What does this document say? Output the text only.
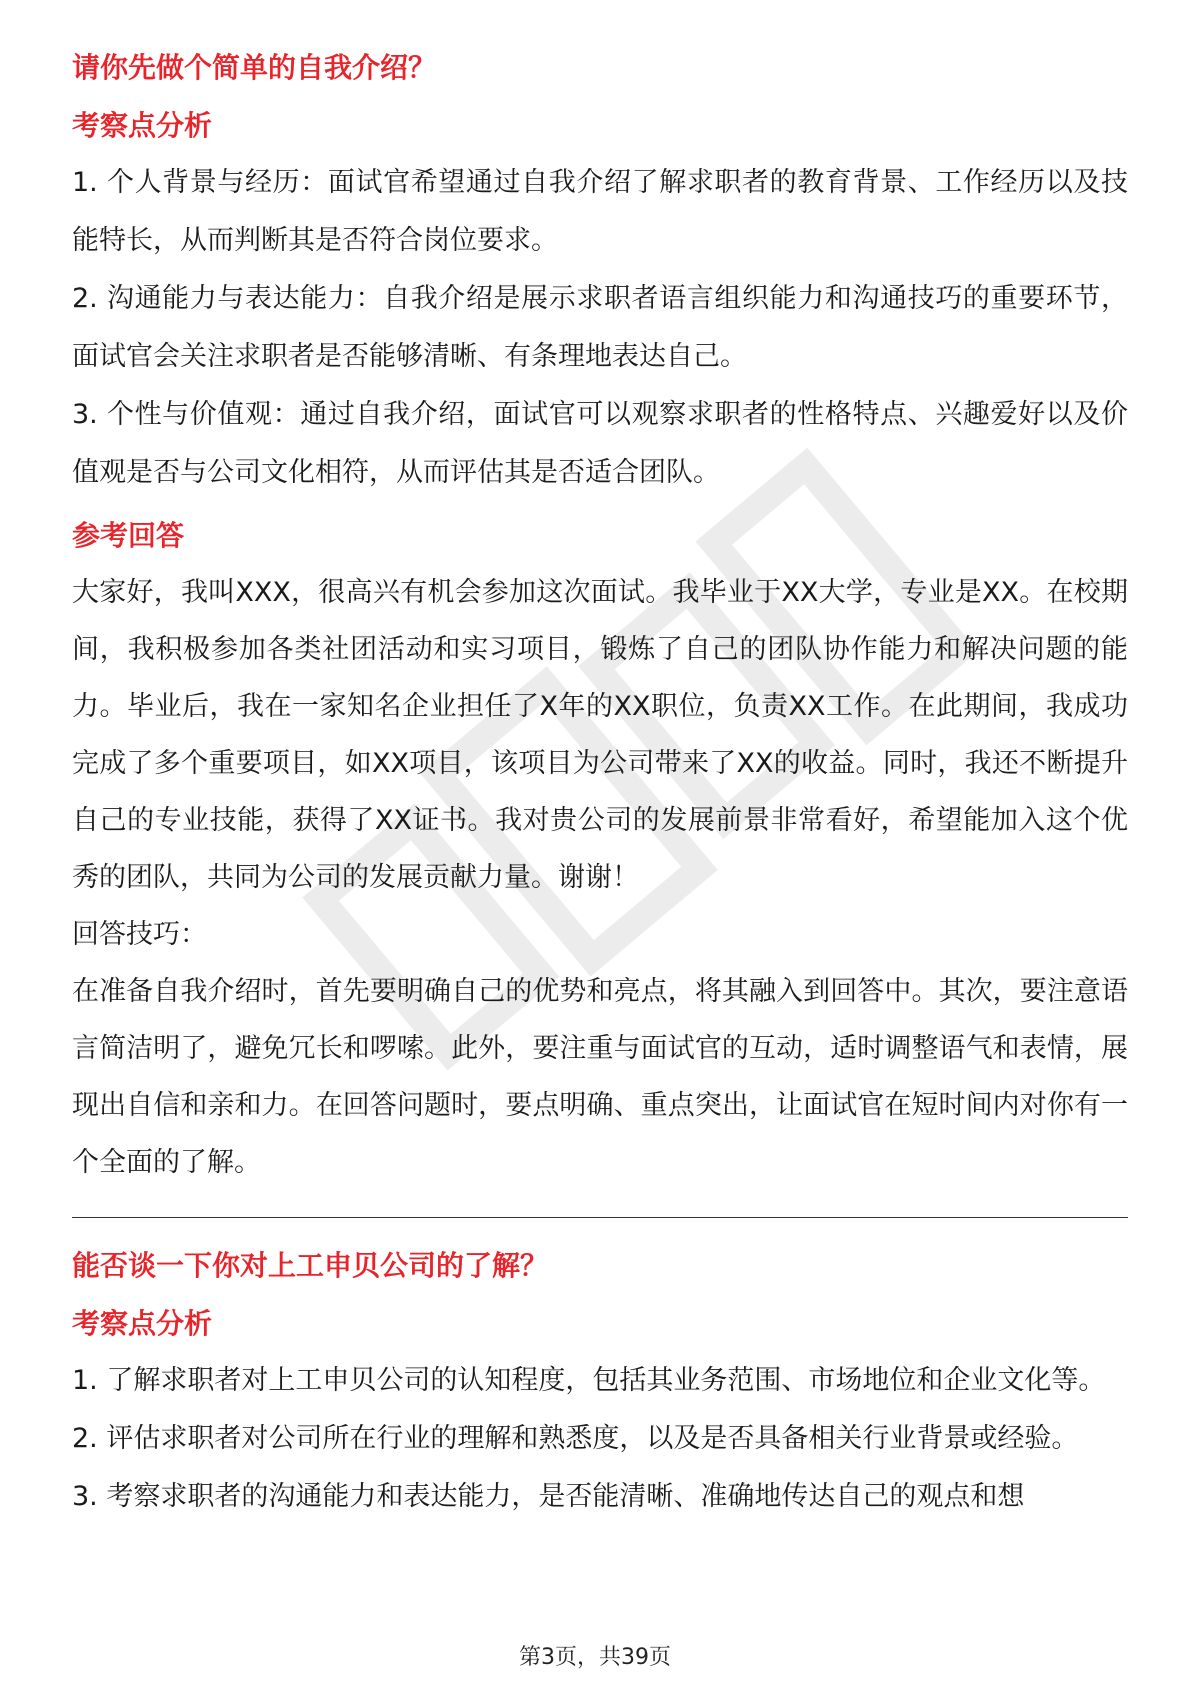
请你先做个简单的自我介绍？
考察点分析
1. 个人背景与经历：面试官希望通过自我介绍了解求职者的教育背景、工作经历以及技能特长，从而判断其是否符合岗位要求。
2. 沟通能力与表达能力：自我介绍是展示求职者语言组织能力和沟通技巧的重要环节，面试官会关注求职者是否能够清晰、有条理地表达自己。
3. 个性与价值观：通过自我介绍，面试官可以观察求职者的性格特点、兴趣爱好以及价值观是否与公司文化相符，从而评估其是否适合团队。
参考回答
大家好，我叫XXX，很高兴有机会参加这次面试。我毕业于XX大学，专业是XX。在校期间，我积极参加各类社团活动和实习项目，锻炼了自己的团队协作能力和解决问题的能力。毕业后，我在一家知名企业担任了X年的XX职位，负责XX工作。在此期间，我成功完成了多个重要项目，如XX项目，该项目为公司带来了XX的收益。同时，我还不断提升自己的专业技能，获得了XX证书。我对贵公司的发展前景非常看好，希望能加入这个优秀的团队，共同为公司的发展贡献力量。谢谢！
回答技巧：
在准备自我介绍时，首先要明确自己的优势和亮点，将其融入到回答中。其次，要注意语言简洁明了，避免冗长和啰嗦。此外，要注重与面试官的互动，适时调整语气和表情，展现出自信和亲和力。在回答问题时，要点明确、重点突出，让面试官在短时间内对你有一个全面的了解。
能否谈一下你对上工申贝公司的了解？
考察点分析
1. 了解求职者对上工申贝公司的认知程度，包括其业务范围、市场地位和企业文化等。
2. 评估求职者对公司所在行业的理解和熟悉度，以及是否具备相关行业背景或经验。
3. 考察求职者的沟通能力和表达能力，是否能清晰、准确地传达自己的观点和想
第3页，共39页
